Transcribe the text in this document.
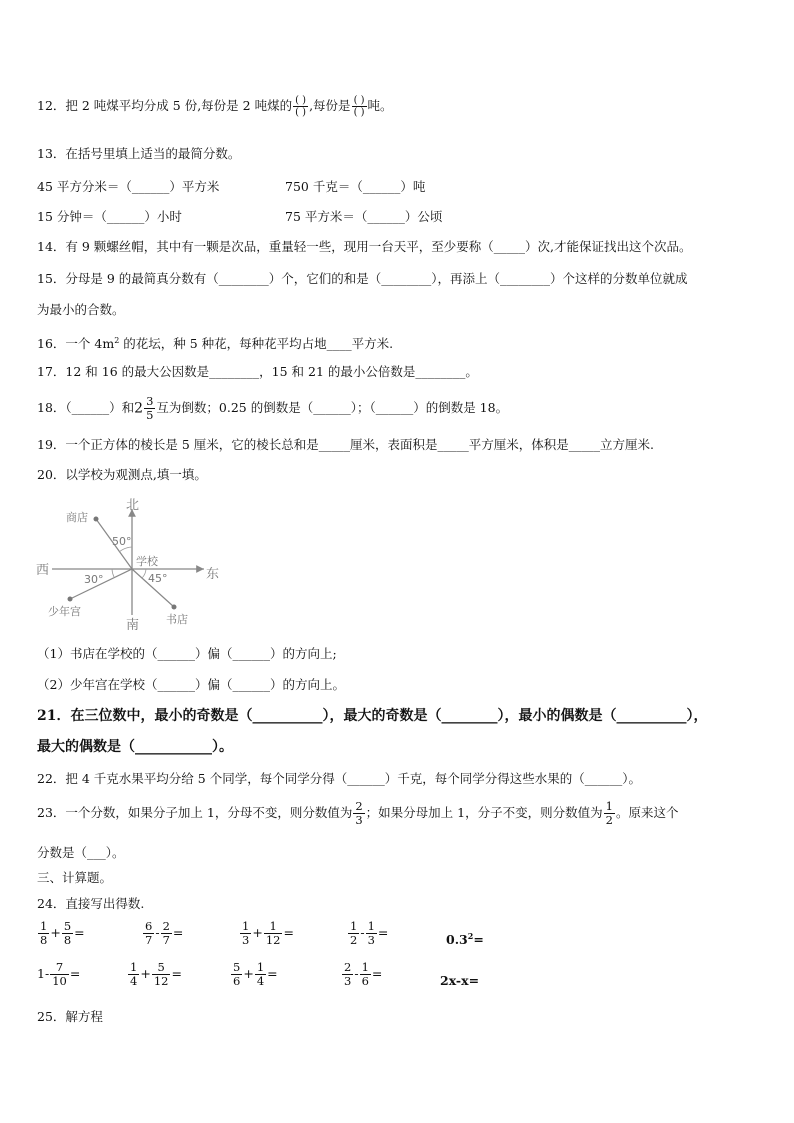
12．把 2 吨煤平均分成 5 份,每份是 2 吨煤的 $\frac{( )}{( )}$ ,每份是 $\frac{( )}{( )}$ 吨。
13．在括号里填上适当的最简分数。
45 平方分米＝（______）平方米	750 千克＝（______）吨
15 分钟＝（______）小时	75 平方米＝（______）公顷
14．有 9 颗螺丝帽，其中有一颗是次品，重量轻一些，现用一台天平，至少要称（_____）次,才能保证找出这个次品。
15．分母是 9 的最简真分数有（________）个，它们的和是（________），再添上（________）个这样的分数单位就成
为最小的合数。
16．一个 $4m^2$ 的花坛，种 5 种花，每种花平均占地____平方米.
17．12 和 16 的最大公因数是________，15 和 21 的最小公倍数是________。
18．（______）和$2 \frac{3}{5}$ 互为倒数；0.25 的倒数是（______）；（______）的倒数是 18。
19．一个正方体的棱长是 5 厘米，它的棱长总和是_____厘米，表面积是_____平方厘米，体积是_____立方厘米.
20．以学校为观测点,填一填。
北
南
西	东
学校
商店
少年宫
书店
50°
30°	45°
（1）书店在学校的（______）偏（______）的方向上;
（2）少年宫在学校（______）偏（______）的方向上。
21．在三位数中，最小的奇数是（__________），最大的奇数是（________），最小的偶数是（__________），
最大的偶数是（___________）。
22．把 4 千克水果平均分给 5 个同学，每个同学分得（______）千克，每个同学分得这些水果的（______）。
23．一个分数，如果分子加上 1，分母不变，则分数值为 $\frac{2}{3}$ ；如果分母加上 1，分子不变，则分数值为 $\frac{1}{2}$ 。原来这个
分数是（___）。
三、计算题。
24．直接写出得数.
$\frac{1}{8} + \frac{5}{8}$ =	$\frac{6}{7} - \frac{2}{7}$ =	$\frac{1}{3} + \frac{1}{12}$ =	$\frac{1}{2} - \frac{1}{3}$ =	$0.3^2=$
$1- \frac{7}{10}$ =	$\frac{1}{4} + \frac{5}{12}$ =	$\frac{5}{6} + \frac{1}{4}$ =	$\frac{2}{3} - \frac{1}{6}$ =	2x-x=
25．解方程
